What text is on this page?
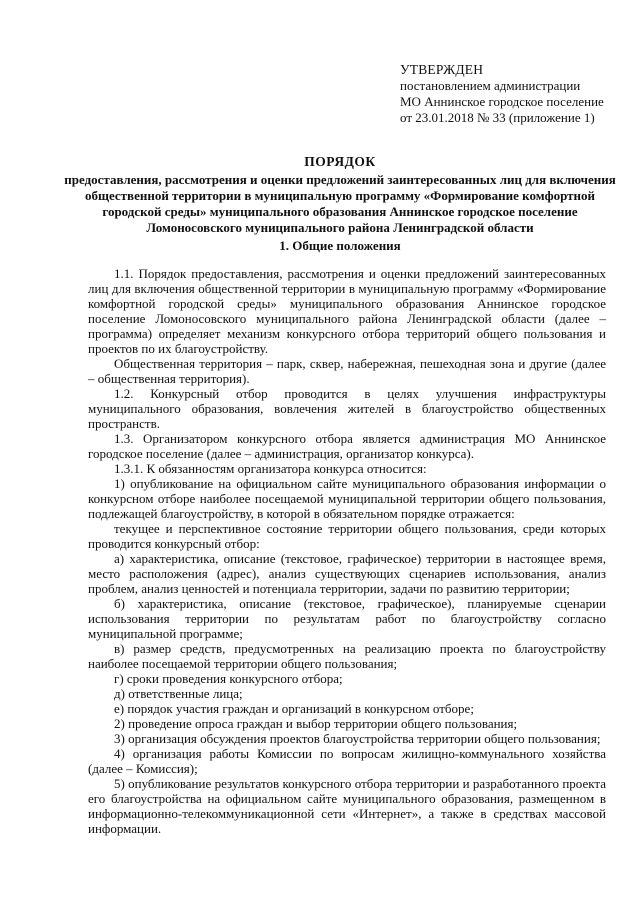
УТВЕРЖДЕН
постановлением администрации
МО Аннинское городское поселение
от 23.01.2018 № 33 (приложение 1)
ПОРЯДОК
предоставления, рассмотрения и оценки предложений заинтересованных лиц для включения общественной территории в муниципальную программу «Формирование комфортной городской среды» муниципального образования Аннинское городское поселение Ломоносовского муниципального района Ленинградской области
1. Общие положения

1.1. Порядок предоставления, рассмотрения и оценки предложений заинтересованных лиц для включения общественной территории в муниципальную программу «Формирование комфортной городской среды» муниципального образования Аннинское городское поселение Ломоносовского муниципального района Ленинградской области (далее – программа) определяет механизм конкурсного отбора территорий общего пользования и проектов по их благоустройству.

Общественная территория – парк, сквер, набережная, пешеходная зона и другие (далее – общественная территория).

1.2. Конкурсный отбор проводится в целях улучшения инфраструктуры муниципального образования, вовлечения жителей в благоустройство общественных пространств.

1.3. Организатором конкурсного отбора является администрация МО Аннинское городское поселение (далее – администрация, организатор конкурса).

1.3.1. К обязанностям организатора конкурса относится:

1) опубликование на официальном сайте муниципального образования информации о конкурсном отборе наиболее посещаемой муниципальной территории общего пользования, подлежащей благоустройству, в которой в обязательном порядке отражается:

текущее и перспективное состояние территории общего пользования, среди которых проводится конкурсный отбор:

а) характеристика, описание (текстовое, графическое) территории в настоящее время, место расположения (адрес), анализ существующих сценариев использования, анализ проблем, анализ ценностей и потенциала территории, задачи по развитию территории;

б) характеристика, описание (текстовое, графическое), планируемые сценарии использования территории по результатам работ по благоустройству согласно муниципальной программе;

в) размер средств, предусмотренных на реализацию проекта по благоустройству наиболее посещаемой территории общего пользования;

г) сроки проведения конкурсного отбора;

д) ответственные лица;

е) порядок участия граждан и организаций в конкурсном отборе;

2) проведение опроса граждан и выбор территории общего пользования;

3) организация обсуждения проектов благоустройства территории общего пользования;

4) организация работы Комиссии по вопросам жилищно-коммунального хозяйства (далее – Комиссия);

5) опубликование результатов конкурсного отбора территории и разработанного проекта его благоустройства на официальном сайте муниципального образования, размещенном в информационно-телекоммуникационной сети «Интернет», а также в средствах массовой информации.
